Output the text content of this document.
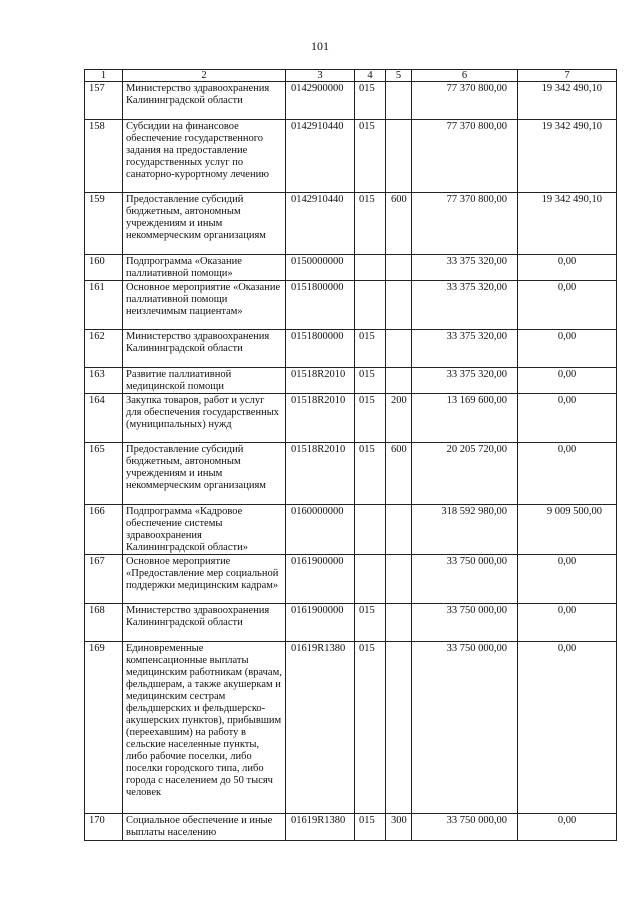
101
1	2	3	4	5	6	7
157	Министерство здравоохранения Калининградской области	0142900000	015		77 370 800,00	19 342 490,10
158	Субсидии на финансовое обеспечение государственного задания на предоставление государственных услуг по санаторно-курортному лечению	0142910440	015		77 370 800,00	19 342 490,10
159	Предоставление субсидий бюджетным, автономным учреждениям и иным некоммерческим организациям	0142910440	015	600	77 370 800,00	19 342 490,10
160	Подпрограмма «Оказание паллиативной помощи»	0150000000			33 375 320,00	0,00
161	Основное мероприятие «Оказание паллиативной помощи неизлечимым пациентам»	0151800000			33 375 320,00	0,00
162	Министерство здравоохранения Калининградской области	0151800000	015		33 375 320,00	0,00
163	Развитие паллиативной медицинской помощи	01518R2010	015		33 375 320,00	0,00
164	Закупка товаров, работ и услуг для обеспечения государственных (муниципальных) нужд	01518R2010	015	200	13 169 600,00	0,00
165	Предоставление субсидий бюджетным, автономным учреждениям и иным некоммерческим организациям	01518R2010	015	600	20 205 720,00	0,00
166	Подпрограмма «Кадровое обеспечение системы здравоохранения Калининградской области»	0160000000			318 592 980,00	9 009 500,00
167	Основное мероприятие «Предоставление мер социальной поддержки медицинским кадрам»	0161900000			33 750 000,00	0,00
168	Министерство здравоохранения Калининградской области	0161900000	015		33 750 000,00	0,00
169	Единовременные компенсационные выплаты медицинским работникам (врачам, фельдшерам, а также акушеркам и медицинским сестрам фельдшерских и фельдшерско-акушерских пунктов), прибывшим (переехавшим) на работу в сельские населенные пункты, либо рабочие поселки, либо поселки городского типа, либо города с населением до 50 тысяч человек	01619R1380	015		33 750 000,00	0,00
170	Социальное обеспечение и иные выплаты населению	01619R1380	015	300	33 750 000,00	0,00
